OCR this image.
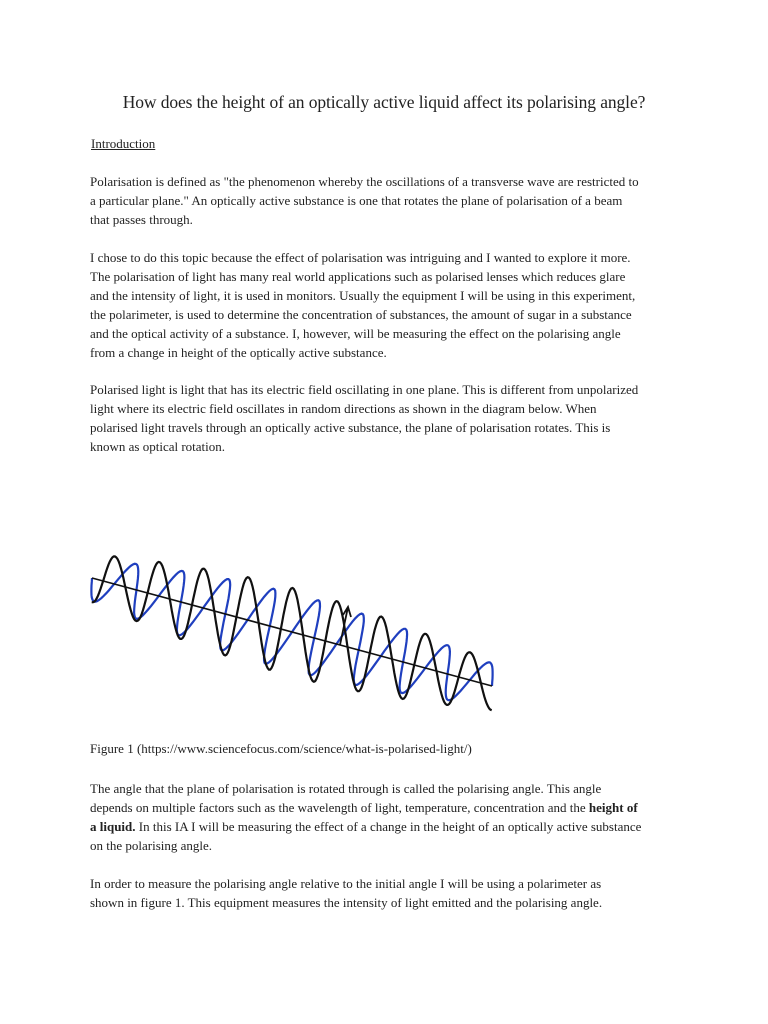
How does the height of an optically active liquid affect its polarising angle?

Introduction

Polarisation is defined as "the phenomenon whereby the oscillations of a transverse wave are restricted to
a particular plane." An optically active substance is one that rotates the plane of polarisation of a beam
that passes through.

I chose to do this topic because the effect of polarisation was intriguing and I wanted to explore it more.
The polarisation of light has many real world applications such as polarised lenses which reduces glare
and the intensity of light, it is used in monitors. Usually the equipment I will be using in this experiment,
the polarimeter, is used to determine the concentration of substances, the amount of sugar in a substance
and the optical activity of a substance. I, however, will be measuring the effect on the polarising angle
from a change in height of the optically active substance.

Polarised light is light that has its electric field oscillating in one plane. This is different from unpolarized
light where its electric field oscillates in random directions as shown in the diagram below. When
polarised light travels through an optically active substance, the plane of polarisation rotates. This is
known as optical rotation.

Figure 1 (https://www.sciencefocus.com/science/what-is-polarised-light/)

The angle that the plane of polarisation is rotated through is called the polarising angle. This angle
depends on multiple factors such as the wavelength of light, temperature, concentration and the height of
a liquid. In this IA I will be measuring the effect of a change in the height of an optically active substance
on the polarising angle.

In order to measure the polarising angle relative to the initial angle I will be using a polarimeter as
shown in figure 1. This equipment measures the intensity of light emitted and the polarising angle.
